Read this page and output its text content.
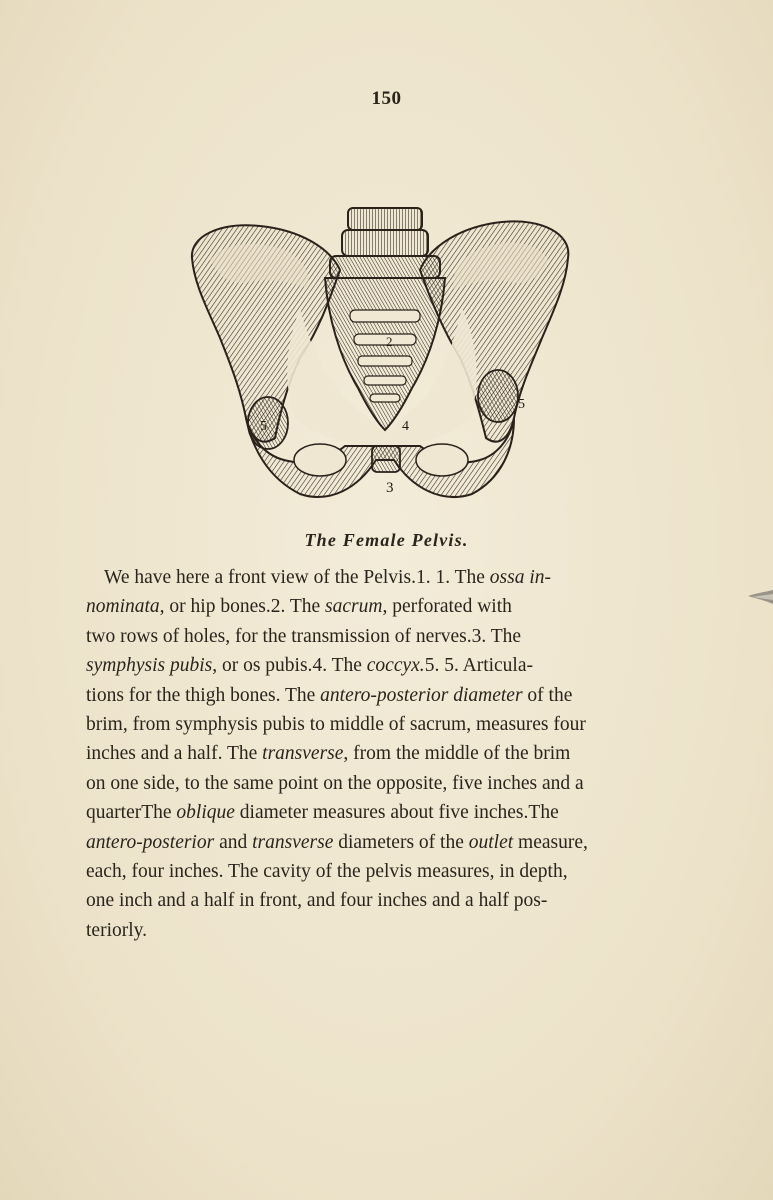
150
5
5
2
4
3
The Female Pelvis.
We have here a front view of the Pelvis.1. 1. The ossa in-
nominata, or hip bones.2. The sacrum, perforated with
two rows of holes, for the transmission of nerves.3. The
symphysis pubis, or os pubis.4. The coccyx.5. 5. Articula-
tions for the thigh bones. The antero-posterior diameter of the
brim, from symphysis pubis to middle of sacrum, measures four
inches and a half. The transverse, from the middle of the brim
on one side, to the same point on the opposite, five inches and a
quarterThe oblique diameter measures about five inches.The
antero-posterior and transverse diameters of the outlet measure,
each, four inches. The cavity of the pelvis measures, in depth,
one inch and a half in front, and four inches and a half pos-
teriorly.
